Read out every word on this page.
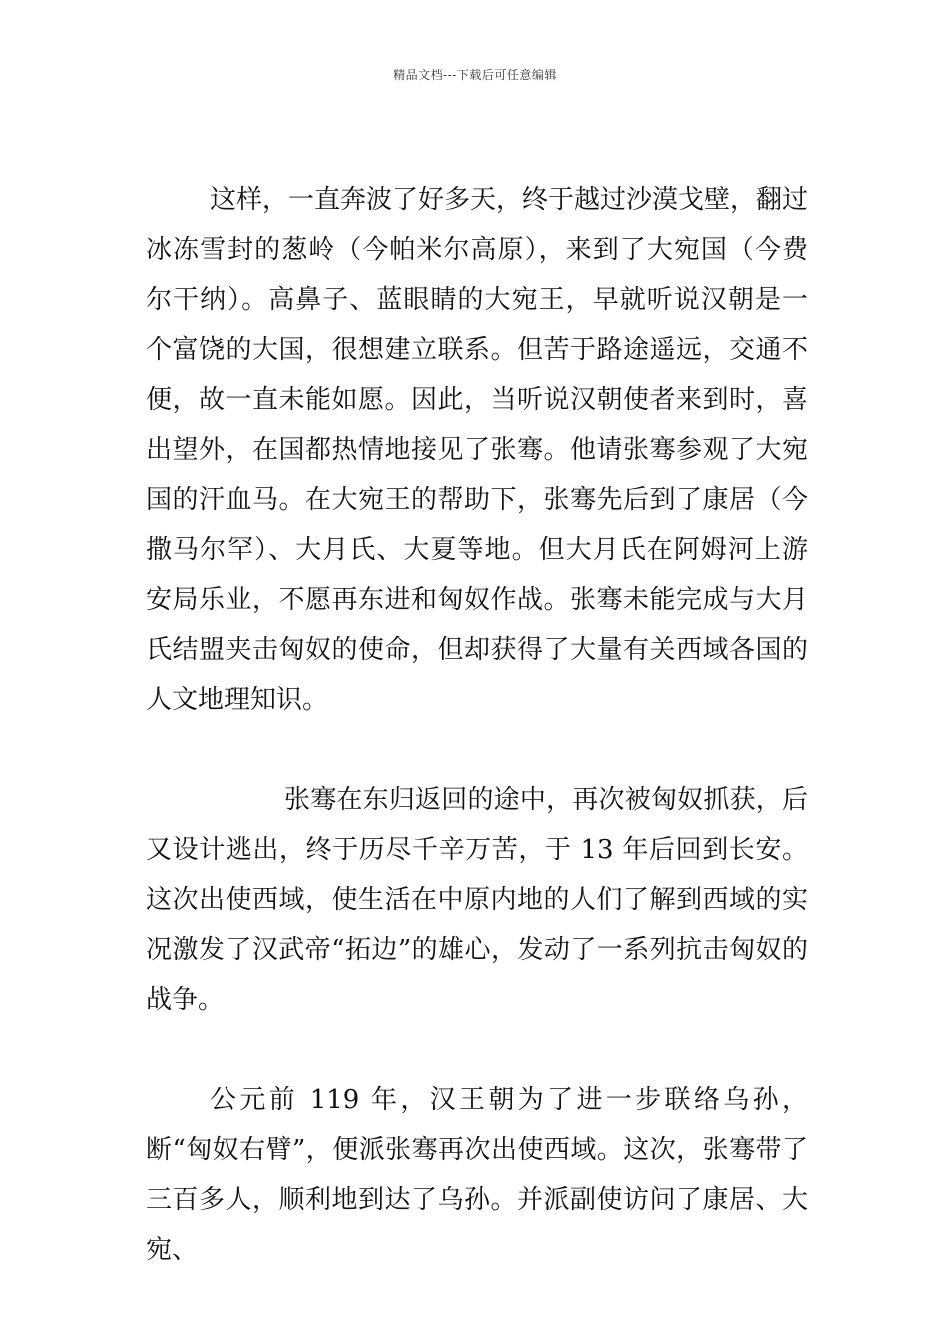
精品文档---下载后可任意编辑

这样，一直奔波了好多天，终于越过沙漠戈壁，翻过冰冻雪封的葱岭（今帕米尔高原），来到了大宛国（今费尔干纳）。高鼻子、蓝眼睛的大宛王，早就听说汉朝是一个富饶的大国，很想建立联系。但苦于路途遥远，交通不便，故一直未能如愿。因此，当听说汉朝使者来到时，喜出望外，在国都热情地接见了张骞。他请张骞参观了大宛国的汗血马。在大宛王的帮助下，张骞先后到了康居（今撒马尔罕）、大月氏、大夏等地。但大月氏在阿姆河上游安局乐业，不愿再东进和匈奴作战。张骞未能完成与大月氏结盟夹击匈奴的使命，但却获得了大量有关西域各国的人文地理知识。

张骞在东归返回的途中，再次被匈奴抓获，后又设计逃出，终于历尽千辛万苦，于 13 年后回到长安。这次出使西域，使生活在中原内地的人们了解到西域的实况激发了汉武帝“拓边”的雄心，发动了一系列抗击匈奴的战争。

公元前 119 年，汉王朝为了进一步联络乌孙，断“匈奴右臂”，便派张骞再次出使西域。这次，张骞带了三百多人，顺利地到达了乌孙。并派副使访问了康居、大宛、
